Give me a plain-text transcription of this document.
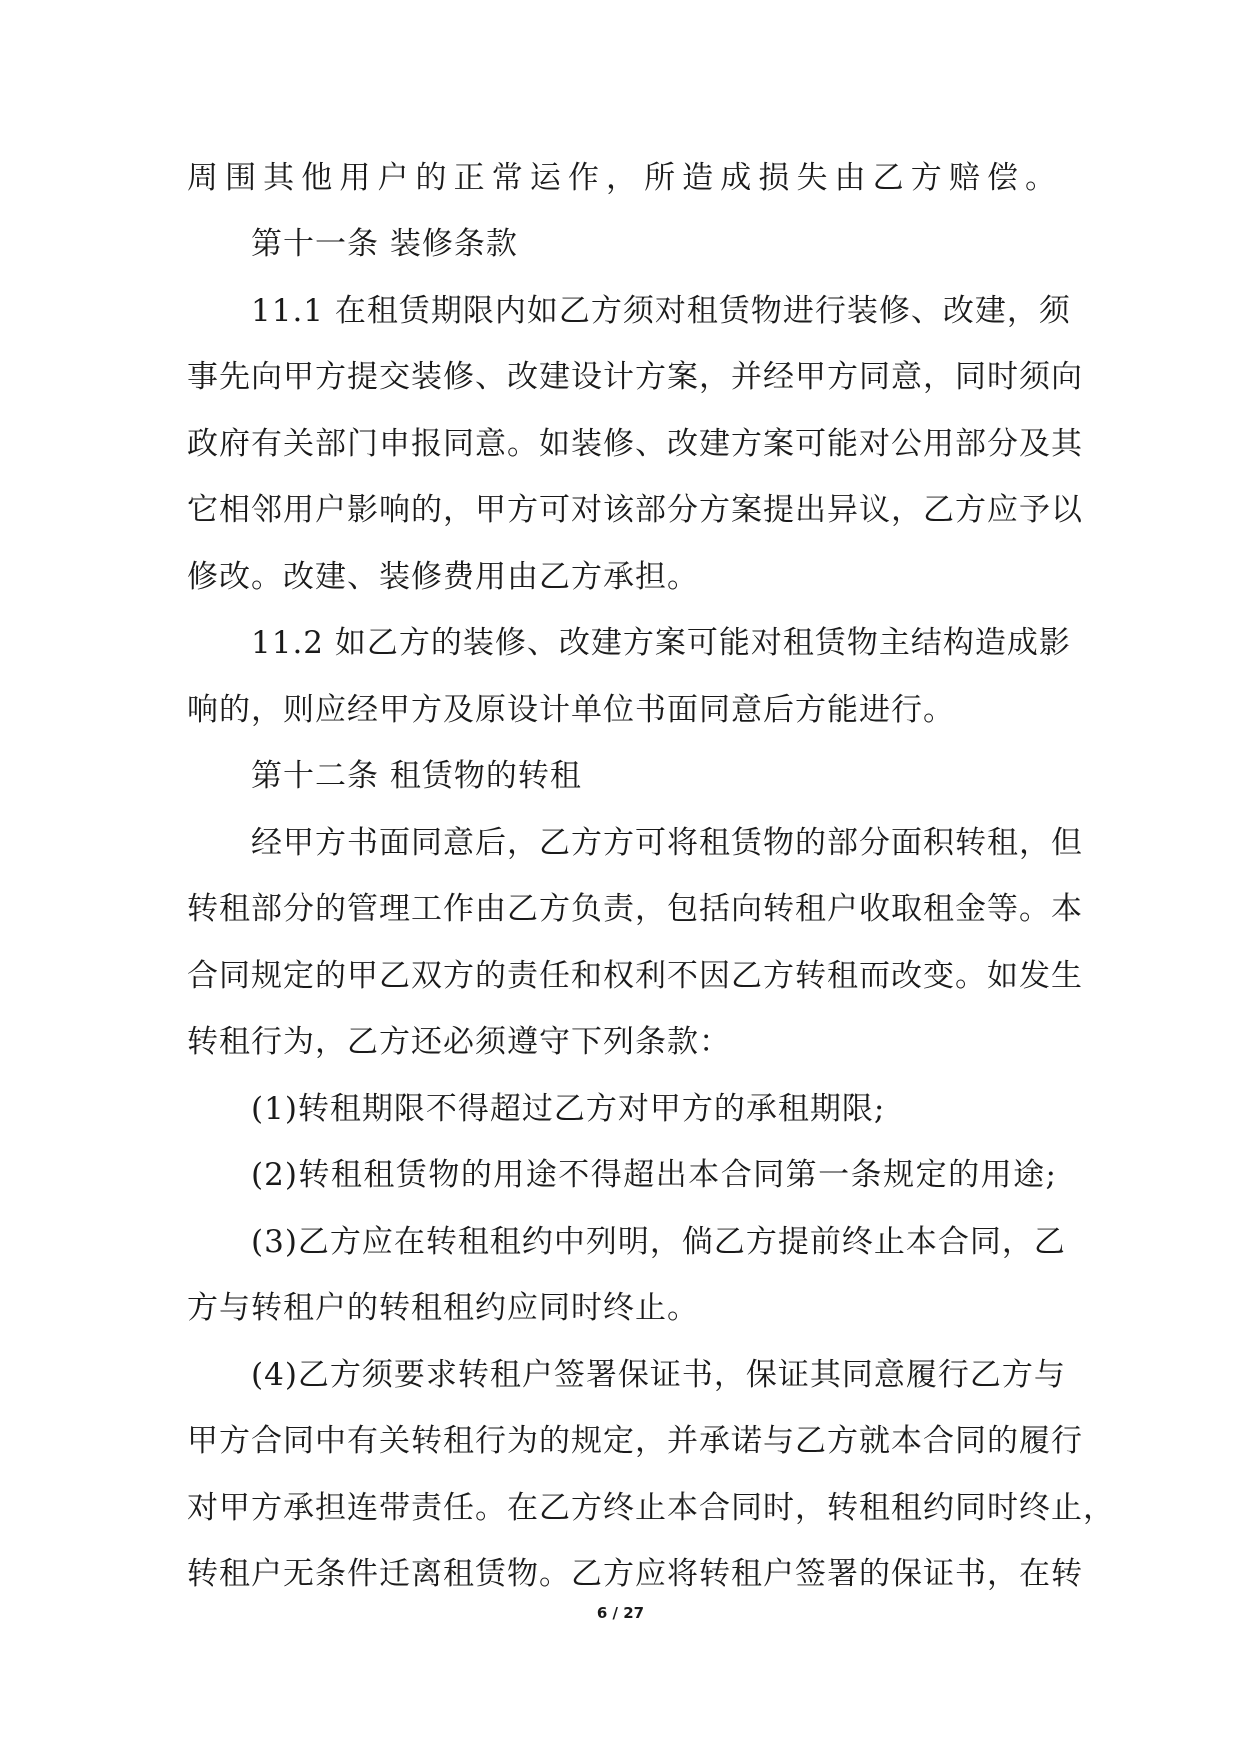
周围其他用户的正常运作，所造成损失由乙方赔偿。
第十一条 装修条款
11.1 在租赁期限内如乙方须对租赁物进行装修、改建，须
事先向甲方提交装修、改建设计方案，并经甲方同意，同时须向
政府有关部门申报同意。如装修、改建方案可能对公用部分及其
它相邻用户影响的，甲方可对该部分方案提出异议，乙方应予以
修改。改建、装修费用由乙方承担。
11.2 如乙方的装修、改建方案可能对租赁物主结构造成影
响的，则应经甲方及原设计单位书面同意后方能进行。
第十二条 租赁物的转租
经甲方书面同意后，乙方方可将租赁物的部分面积转租，但
转租部分的管理工作由乙方负责，包括向转租户收取租金等。本
合同规定的甲乙双方的责任和权利不因乙方转租而改变。如发生
转租行为，乙方还必须遵守下列条款：
(1)转租期限不得超过乙方对甲方的承租期限;
(2)转租租赁物的用途不得超出本合同第一条规定的用途;
(3)乙方应在转租租约中列明，倘乙方提前终止本合同，乙
方与转租户的转租租约应同时终止。
(4)乙方须要求转租户签署保证书，保证其同意履行乙方与
甲方合同中有关转租行为的规定，并承诺与乙方就本合同的履行
对甲方承担连带责任。在乙方终止本合同时，转租租约同时终止，
转租户无条件迁离租赁物。乙方应将转租户签署的保证书，在转
6 / 27
